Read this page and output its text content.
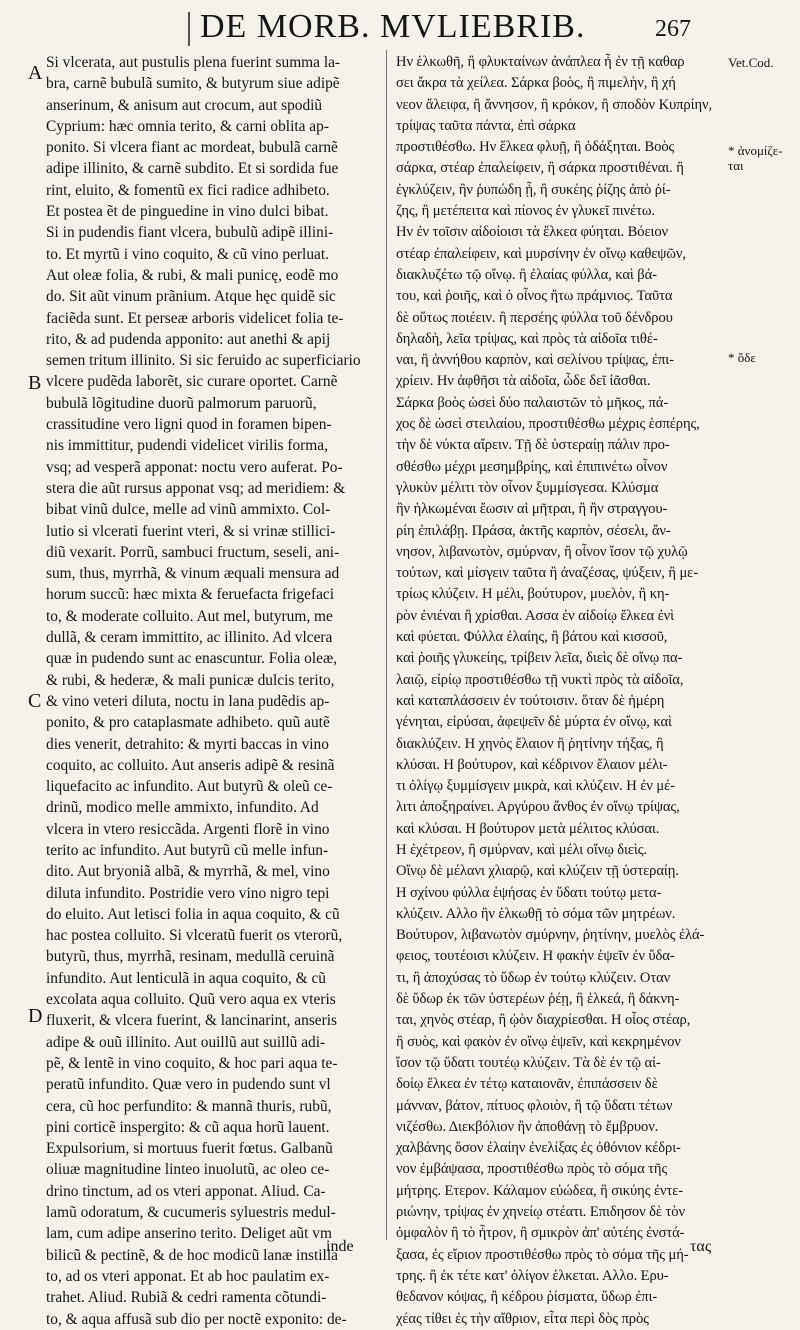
DE MORB. MVLIEBRIB.	267
A
B
C
D
Si vlcerata, aut pustulis plena fuerint summa la-
bra, carnẽ bubulã sumito, & butyrum siue adipẽ
anserinum, & anisum aut crocum, aut spodiũ
Cyprium: hæc omnia terito, & carni oblita ap-
ponito. Si vlcera fiant ac mordeat, bubulã carnẽ
adipe illinito, & carnẽ subdito. Et si sordida fue
rint, eluito, & fomentũ ex fici radice adhibeto.
Et postea ẽt de pinguedine in vino dulci bibat.
Si in pudendis fiant vlcera, bubulũ adipẽ illini-
to. Et myrtũ i vino coquito, & cũ vino perluat.
Aut oleæ folia, & rubi, & mali punicę, eodẽ mo
do. Sit aũt vinum prãnium. Atque hęc quidẽ sic
faciẽda sunt. Et perseæ arboris videlicet folia te-
rito, & ad pudenda apponito: aut anethi & apij
semen tritum illinito. Si sic feruido ac superficiario
vlcere pudẽda laborẽt, sic curare oportet. Carnẽ
bubulã lõgitudine duorũ palmorum paruorũ,
crassitudine vero ligni quod in foramen bipen-
nis immittitur, pudendi videlicet virilis forma,
vsq; ad vesperã apponat: noctu vero auferat. Po-
stera die aũt rursus apponat vsq; ad meridiem: &
bibat vinũ dulce, melle ad vinũ ammixto. Col-
lutio si vlcerati fuerint vteri, & si vrinæ stillici-
diũ vexarit. Porrũ, sambuci fructum, seseli, ani-
sum, thus, myrrhã, & vinum æquali mensura ad
horum succũ: hæc mixta & feruefacta frigefaci
to, & moderate colluito. Aut mel, butyrum, me
dullã, & ceram immittito, ac illinito. Ad vlcera
quæ in pudendo sunt ac enascuntur. Folia oleæ,
& rubi, & hederæ, & mali punicæ dulcis terito,
& vino veteri diluta, noctu in lana pudẽdis ap-
ponito, & pro cataplasmate adhibeto. quũ autẽ
dies venerit, detrahito: & myrti baccas in vino
coquito, ac colluito. Aut anseris adipẽ & resinã
liquefacito ac infundito. Aut butyrũ & oleũ ce-
drinũ, modico melle ammixto, infundito. Ad
vlcera in vtero resiccãda. Argenti florẽ in vino
terito ac infundito. Aut butyrũ cũ melle infun-
dito. Aut bryoniã albã, & myrrhã, & mel, vino
diluta infundito. Postridie vero vino nigro tepi
do eluito. Aut letisci folia in aqua coquito, & cũ
hac postea colluito. Si vlceratũ fuerit os vterorũ,
butyrũ, thus, myrrhã, resinam, medullã ceruinã
infundito. Aut lenticulã in aqua coquito, & cũ
excolata aqua colluito. Quũ vero aqua ex vteris
fluxerit, & vlcera fuerint, & lancinarint, anseris
adipe & ouũ illinito. Aut ouillũ aut suillũ adi-
pẽ, & lentẽ in vino coquito, & hoc pari aqua te-
peratũ infundito. Quæ vero in pudendo sunt vl
cera, cũ hoc perfundito: & mannã thuris, rubũ,
pini corticẽ inspergito: & cũ aqua horũ lauent.
Expulsorium, si mortuus fuerit fœtus. Galbanũ
oliuæ magnitudine linteo inuolutũ, ac oleo ce-
drino tinctum, ad os vteri apponat. Aliud. Ca-
lamũ odoratum, & cucumeris syluestris medul-
lam, cum adipe anserino terito. Deliget aũt vm
bilicũ & pectinẽ, & de hoc modicũ lanæ instilla
to, ad os vteri apponat. Et ab hoc paulatim ex-
trahet. Aliud. Rubiã & cedri ramenta cõtundi-
to, & aqua affusã sub dio per noctẽ exponito: de-
Ην ἑλκωθῆ, ἢ φλυκταίνων ἀνάπλεα ἦ ἐν τῇ καθαρ
σει ἄκρα τὰ χείλεα. Σάρκα βοὸς, ἢ πιμελὴν, ἢ χή
νεον ἄλειφα, ἢ ἄννησον, ἢ κρόκον, ἢ σποδὸν Κυπρίην,
τρίψας ταῦτα πάντα, ἐπὶ σάρκα
προστιθέσθω. Ην ἕλκεα φλυῇ, ἢ ὀδάξηται. Βοὸς
σάρκα, στέαρ ἐπαλείφειν, ἢ σάρκα προστιθέναι. ἢ
ἐγκλύζειν, ἢν ῥυπώδη ᾖ, ἢ συκέης ῥίζης ἀπὸ ῥί-
ζης, ἢ μετέπειτα καὶ πίονος ἐν γλυκεῖ πινέτω.
Ην ἐν τοῖσιν αἰδοίοισι τὰ ἕλκεα φύηται. Βόειον
στέαρ ἐπαλείφειν, καὶ μυρσίνην ἐν οἴνῳ καθεψῶν,
διακλυζέτω τῷ οἴνῳ. ἢ ἐλαίας φύλλα, καὶ βά-
του, καὶ ῥοιῆς, καὶ ὁ οἶνος ἤτω πράμνιος. Ταῦτα
δὲ οὕτως ποιέειν. ἢ περσέης φύλλα τοῦ δένδρου
δηλαδὴ, λεῖα τρίψας, καὶ πρὸς τὰ αἰδοῖα τιθέ-
ναι, ἢ ἀννήθου καρπὸν, καὶ σελίνου τρίψας, ἐπι-
χρίειν. Ην ἀφθῆσι τὰ αἰδοῖα, ὧδε δεῖ ἰᾶσθαι.
Σάρκα βοὸς ὡσεὶ δύο παλαιστῶν τὸ μῆκος, πά-
χος δὲ ὡσεὶ στειλαίου, προστιθέσθω μέχρις ἑσπέρης,
τὴν δὲ νύκτα αἴρειν. Τῇ δὲ ὑστεραίῃ πάλιν προ-
σθέσθω μέχρι μεσημβρίης, καὶ ἐπιπινέτω οἶνον
γλυκὺν μέλιτι τὸν οἶνον ξυμμίσγεσα. Κλύσμα
ἢν ἡλκωμέναι ἔωσιν αἱ μῆτραι, ἢ ἢν στραγγου-
ρίη ἐπιλάβῃ. Πράσα, ἀκτῆς καρπὸν, σέσελι, ἄν-
νησον, λιβανωτὸν, σμύρναν, ἢ οἶνον ἴσον τῷ χυλῷ
τούτων, καὶ μίσγειν ταῦτα ἢ ἀναζέσας, ψύξειν, ἢ με-
τρίως κλύζειν. Η μέλι, βούτυρον, μυελὸν, ἢ κη-
ρὸν ἐνιέναι ἢ χρίσθαι. Ασσα ἐν αἰδοίῳ ἕλκεα ἐνὶ
καὶ φύεται. Φύλλα ἐλαίης, ἢ βάτου καὶ κισσοῦ,
καὶ ῥοιῆς γλυκείης, τρίβειν λεῖα, διεὶς δὲ οἴνῳ πα-
λαιῷ, εἰρίῳ προστιθέσθω τῇ νυκτὶ πρὸς τὰ αἰδοῖα,
καὶ καταπλάσσειν ἐν τούτοισιν. ὅταν δὲ ἡμέρη
γένηται, εἰρύσαι, ἀφεψεῖν δὲ μύρτα ἐν οἴνῳ, καὶ
διακλύζειν. Η χηνὸς ἔλαιον ἢ ῥητίνην τήξας, ἢ
κλύσαι. Η βούτυρον, καὶ κέδρινον ἔλαιον μέλι-
τι ὀλίγῳ ξυμμίσγειν μικρὰ, καὶ κλύζειν. Η ἐν μέ-
λιτι ἀποξηραίνει. Αργύρου ἄνθος ἐν οἴνῳ τρίψας,
καὶ κλύσαι. Η βούτυρον μετὰ μέλιτος κλύσαι.
Η ἐχέτρεον, ἢ σμύρναν, καὶ μέλι οἴνῳ διεὶς.
Οἴνῳ δὲ μέλανι χλιαρῷ, καὶ κλύζειν τῇ ὑστεραίῃ.
Η σχίνου φύλλα ἑψήσας ἐν ὕδατι τούτῳ μετα-
κλύζειν. Αλλο ἢν ἑλκωθῇ τὸ σόμα τῶν μητρέων.
Βούτυρον, λιβανωτὸν σμύρνην, ῥητίνην, μυελὸς ἐλά-
φειος, τουτέοισι κλύζειν. Η φακὴν ἑψεῖν ἐν ὕδα-
τι, ἢ ἀποχύσας τὸ ὕδωρ ἐν τούτῳ κλύζειν. Οταν
δὲ ὕδωρ ἐκ τῶν ὑστερέων ῥέῃ, ἢ ἑλκεά, ἢ δάκνη-
ται, χηνὸς στέαρ, ἢ ᾠὸν διαχρίεσθαι. Η οἷος στέαρ,
ἢ συὸς, καὶ φακὸν ἐν οἴνῳ ἑψεῖν, καὶ κεκρημένον
ἴσον τῷ ὕδατι τουτέῳ κλύζειν. Τὰ δὲ ἐν τῷ αἰ-
δοίῳ ἕλκεα ἐν τέτῳ καταιονᾶν, ἐπιπάσσειν δὲ
μάνναν, βάτον, πίτυος φλοιὸν, ἢ τῷ ὕδατι τέτων
νιζέσθω. Διεκβόλιον ἢν ἀποθάνῃ τὸ ἔμβρυον.
χαλβάνης ὅσον ἐλαίην ἐνελίξας ἐς ὀθόνιον κέδρι-
νον ἐμβάψασα, προστιθέσθω πρὸς τὸ σόμα τῆς
μήτρης. Ετερον. Κάλαμον εὐώδεα, ἢ σικύης ἐντε-
ριώνην, τρίψας ἐν χηνείῳ στέατι. Επιδησον δὲ τὸν
ὀμφαλὸν ἢ τὸ ἦτρον, ἢ σμικρὸν ἀπ' αὐτέης ἐνστά-
ξασα, ἐς εἴριον προστιθέσθω πρὸς τὸ σόμα τῆς μή-
τρης. ἢ ἐκ τέτε κατ' ὀλίγον ἑλκεται. Αλλο. Ερυ-
θεδανον κόψας, ἢ κέδρου ῥίσματα, ὕδωρ ἐπι-
χέας τίθει ἐς τὴν αἴθριον, εἶτα περὶ δὸς πρὸς
Vet.Cod.
* ἀνομίζε-
ται
* ὅδε
inde	τας
